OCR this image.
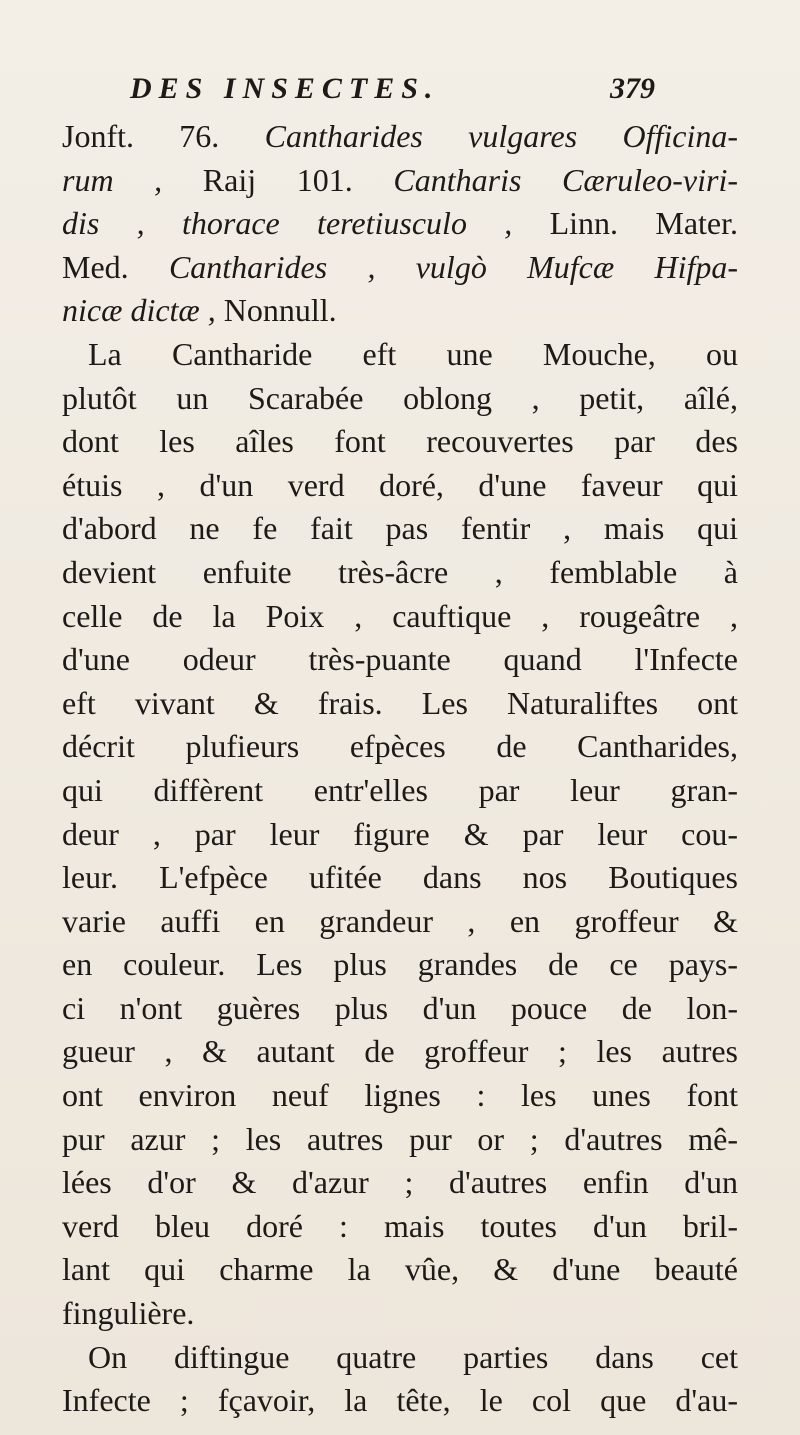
DES INSECTES.	379
Jonft. 76. Cantharides vulgares Officina-
rum , Raij 101. Cantharis Cæruleo-viri-
dis , thorace teretiusculo , Linn. Mater.
Med. Cantharides , vulgò Mufcæ Hifpa-
nicæ dictæ , Nonnull.
La Cantharide eft une Mouche, ou
plutôt un Scarabée oblong , petit, aîlé,
dont les aîles font recouvertes par des
étuis , d'un verd doré, d'une faveur qui
d'abord ne fe fait pas fentir , mais qui
devient enfuite très-âcre , femblable à
celle de la Poix , cauftique , rougeâtre ,
d'une odeur très-puante quand l'Infecte
eft vivant & frais. Les Naturaliftes ont
décrit plufieurs efpèces de Cantharides,
qui diffèrent entr'elles par leur gran-
deur , par leur figure & par leur cou-
leur. L'efpèce ufitée dans nos Boutiques
varie auffi en grandeur , en groffeur &
en couleur. Les plus grandes de ce pays-
ci n'ont guères plus d'un pouce de lon-
gueur , & autant de groffeur ; les autres
ont environ neuf lignes : les unes font
pur azur ; les autres pur or ; d'autres mê-
lées d'or & d'azur ; d'autres enfin d'un
verd bleu doré : mais toutes d'un bril-
lant qui charme la vûe, & d'une beauté
fingulière.
On diftingue quatre parties dans cet
Infecte ; fçavoir, la tête, le col que d'au-
